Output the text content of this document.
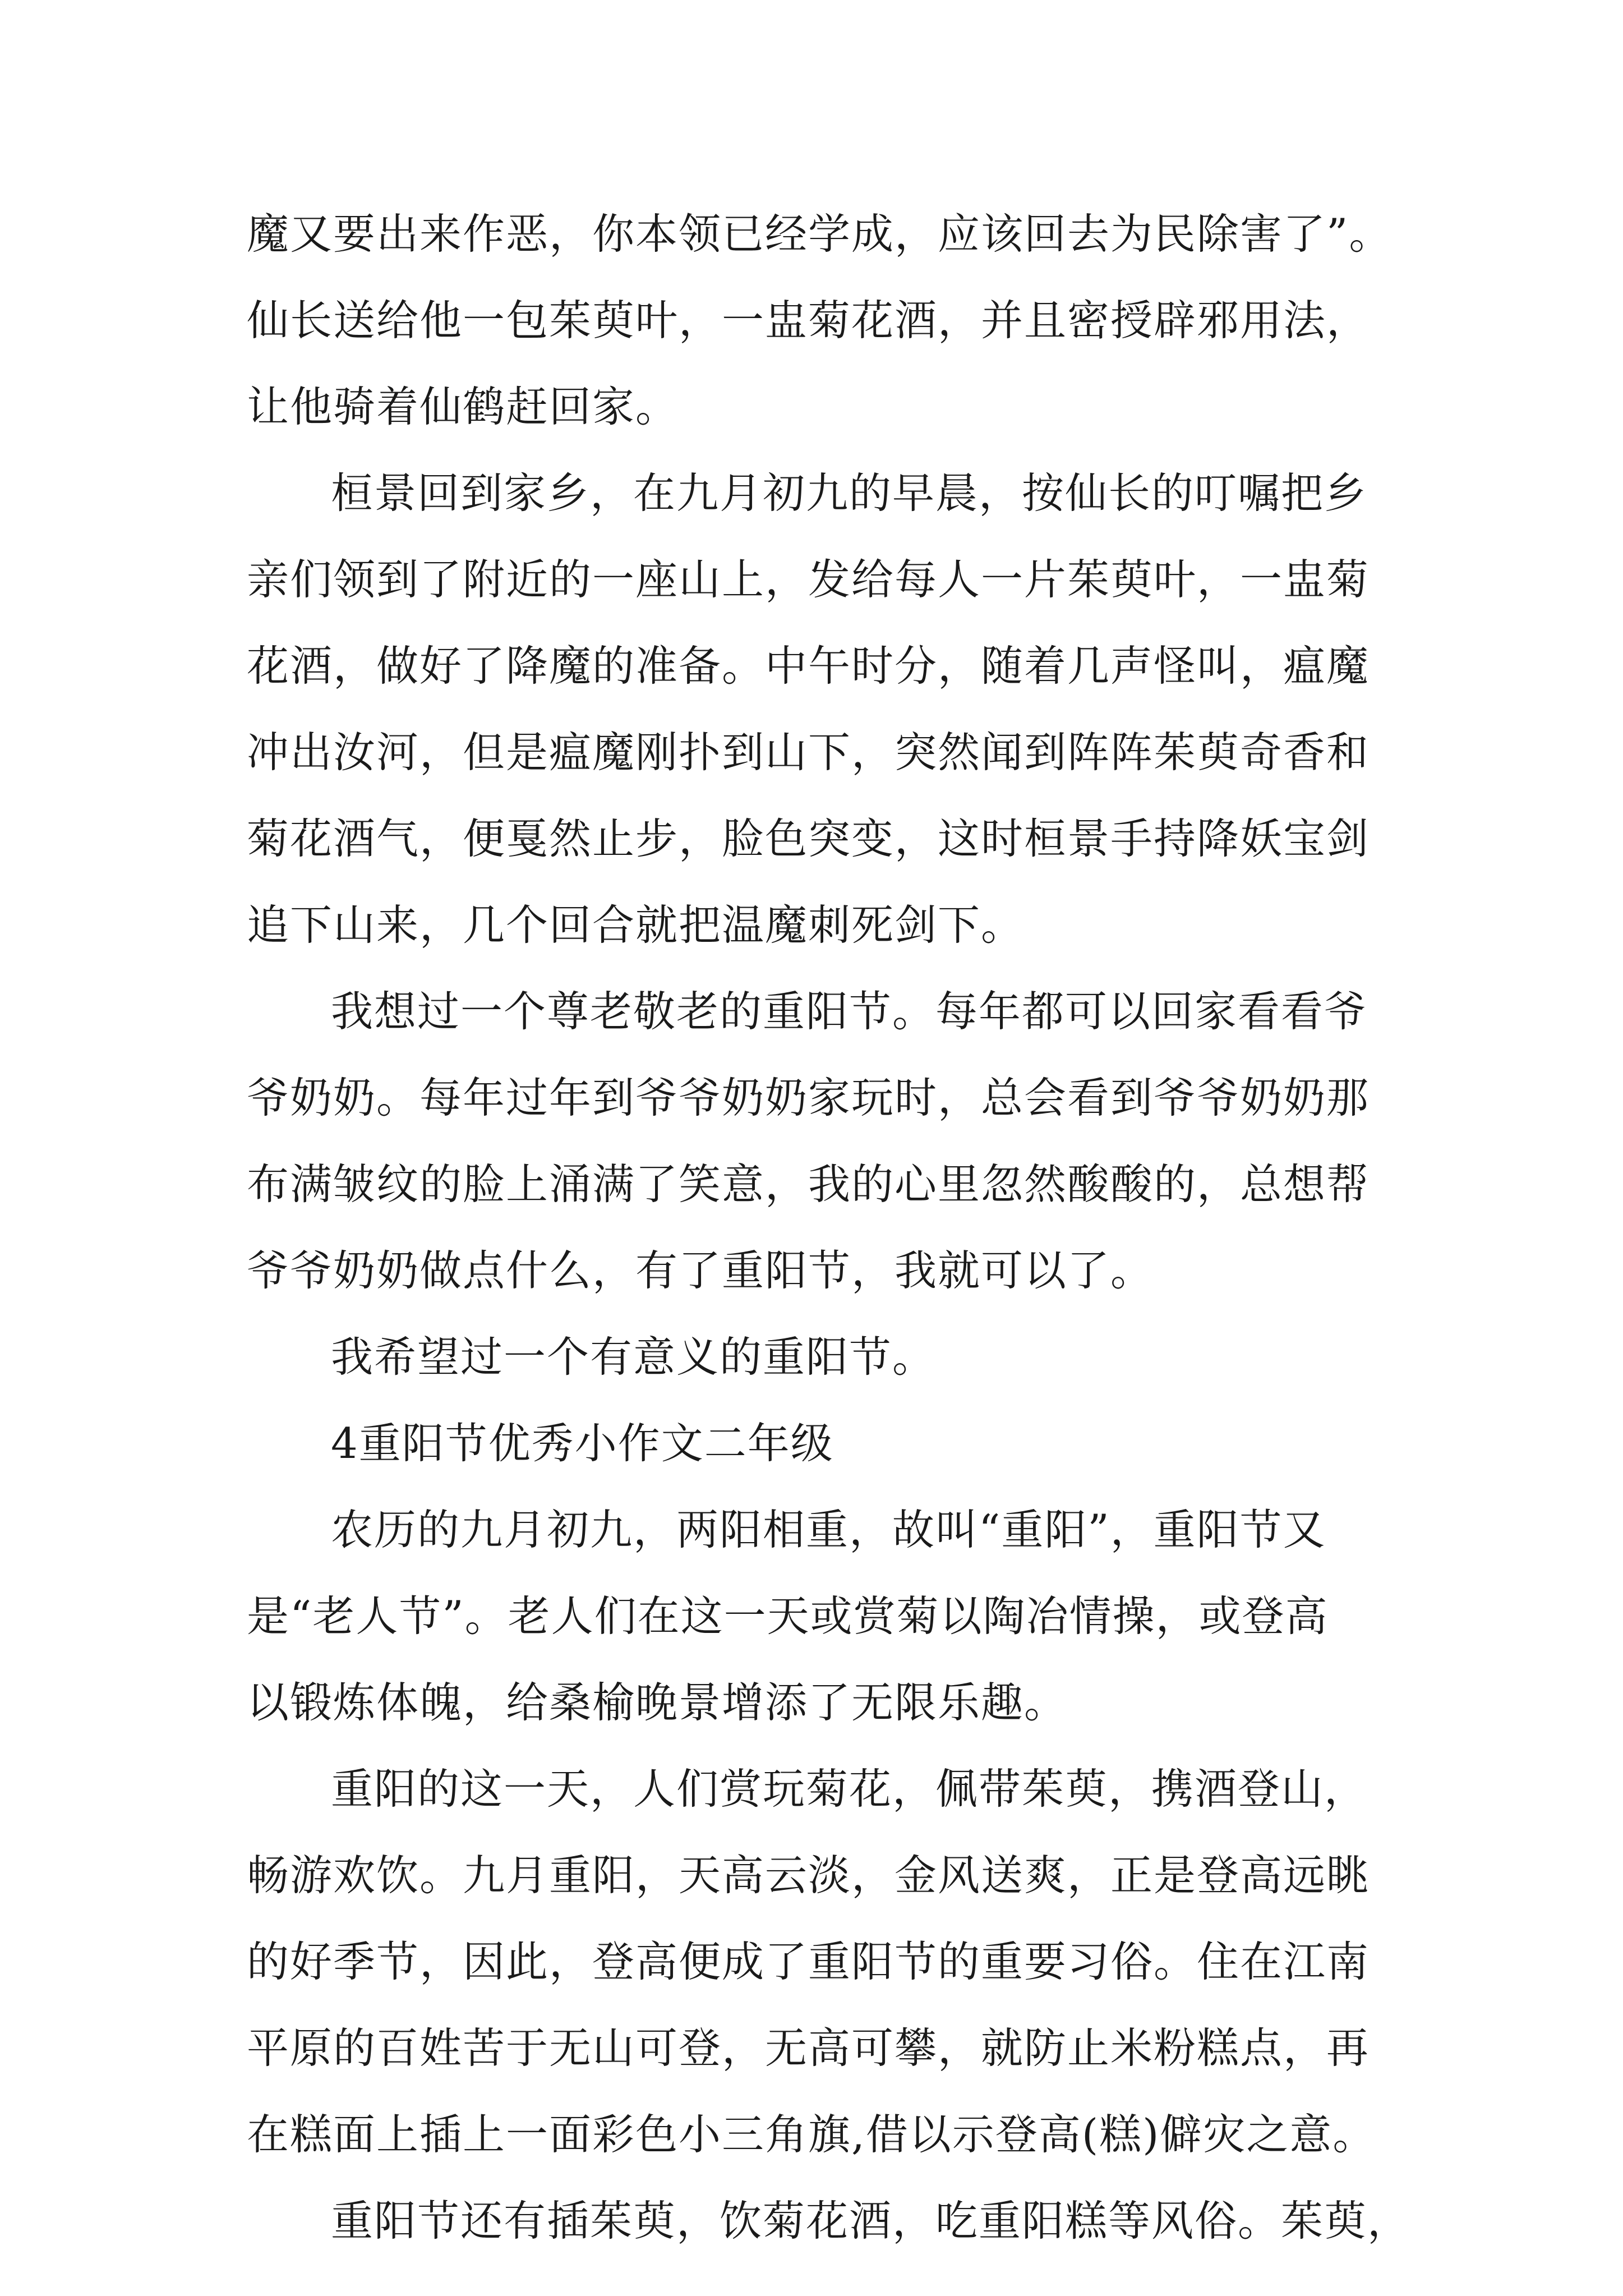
魔又要出来作恶，你本领已经学成，应该回去为民除害了”。
仙长送给他一包茱萸叶，一盅菊花酒，并且密授辟邪用法，
让他骑着仙鹤赶回家。
桓景回到家乡，在九月初九的早晨，按仙长的叮嘱把乡
亲们领到了附近的一座山上，发给每人一片茱萸叶，一盅菊
花酒，做好了降魔的准备。中午时分，随着几声怪叫，瘟魔
冲出汝河，但是瘟魔刚扑到山下，突然闻到阵阵茱萸奇香和
菊花酒气，便戛然止步，脸色突变，这时桓景手持降妖宝剑
追下山来，几个回合就把温魔刺死剑下。
我想过一个尊老敬老的重阳节。每年都可以回家看看爷
爷奶奶。每年过年到爷爷奶奶家玩时，总会看到爷爷奶奶那
布满皱纹的脸上涌满了笑意，我的心里忽然酸酸的，总想帮
爷爷奶奶做点什么，有了重阳节，我就可以了。
我希望过一个有意义的重阳节。
4重阳节优秀小作文二年级
农历的九月初九，两阳相重，故叫“重阳”，重阳节又
是“老人节”。老人们在这一天或赏菊以陶冶情操，或登高
以锻炼体魄，给桑榆晚景增添了无限乐趣。
重阳的这一天，人们赏玩菊花，佩带茱萸，携酒登山，
畅游欢饮。九月重阳，天高云淡，金风送爽，正是登高远眺
的好季节，因此，登高便成了重阳节的重要习俗。住在江南
平原的百姓苦于无山可登，无高可攀，就防止米粉糕点，再
在糕面上插上一面彩色小三角旗,借以示登高(糕)僻灾之意。
重阳节还有插茱萸，饮菊花酒，吃重阳糕等风俗。茱萸，
